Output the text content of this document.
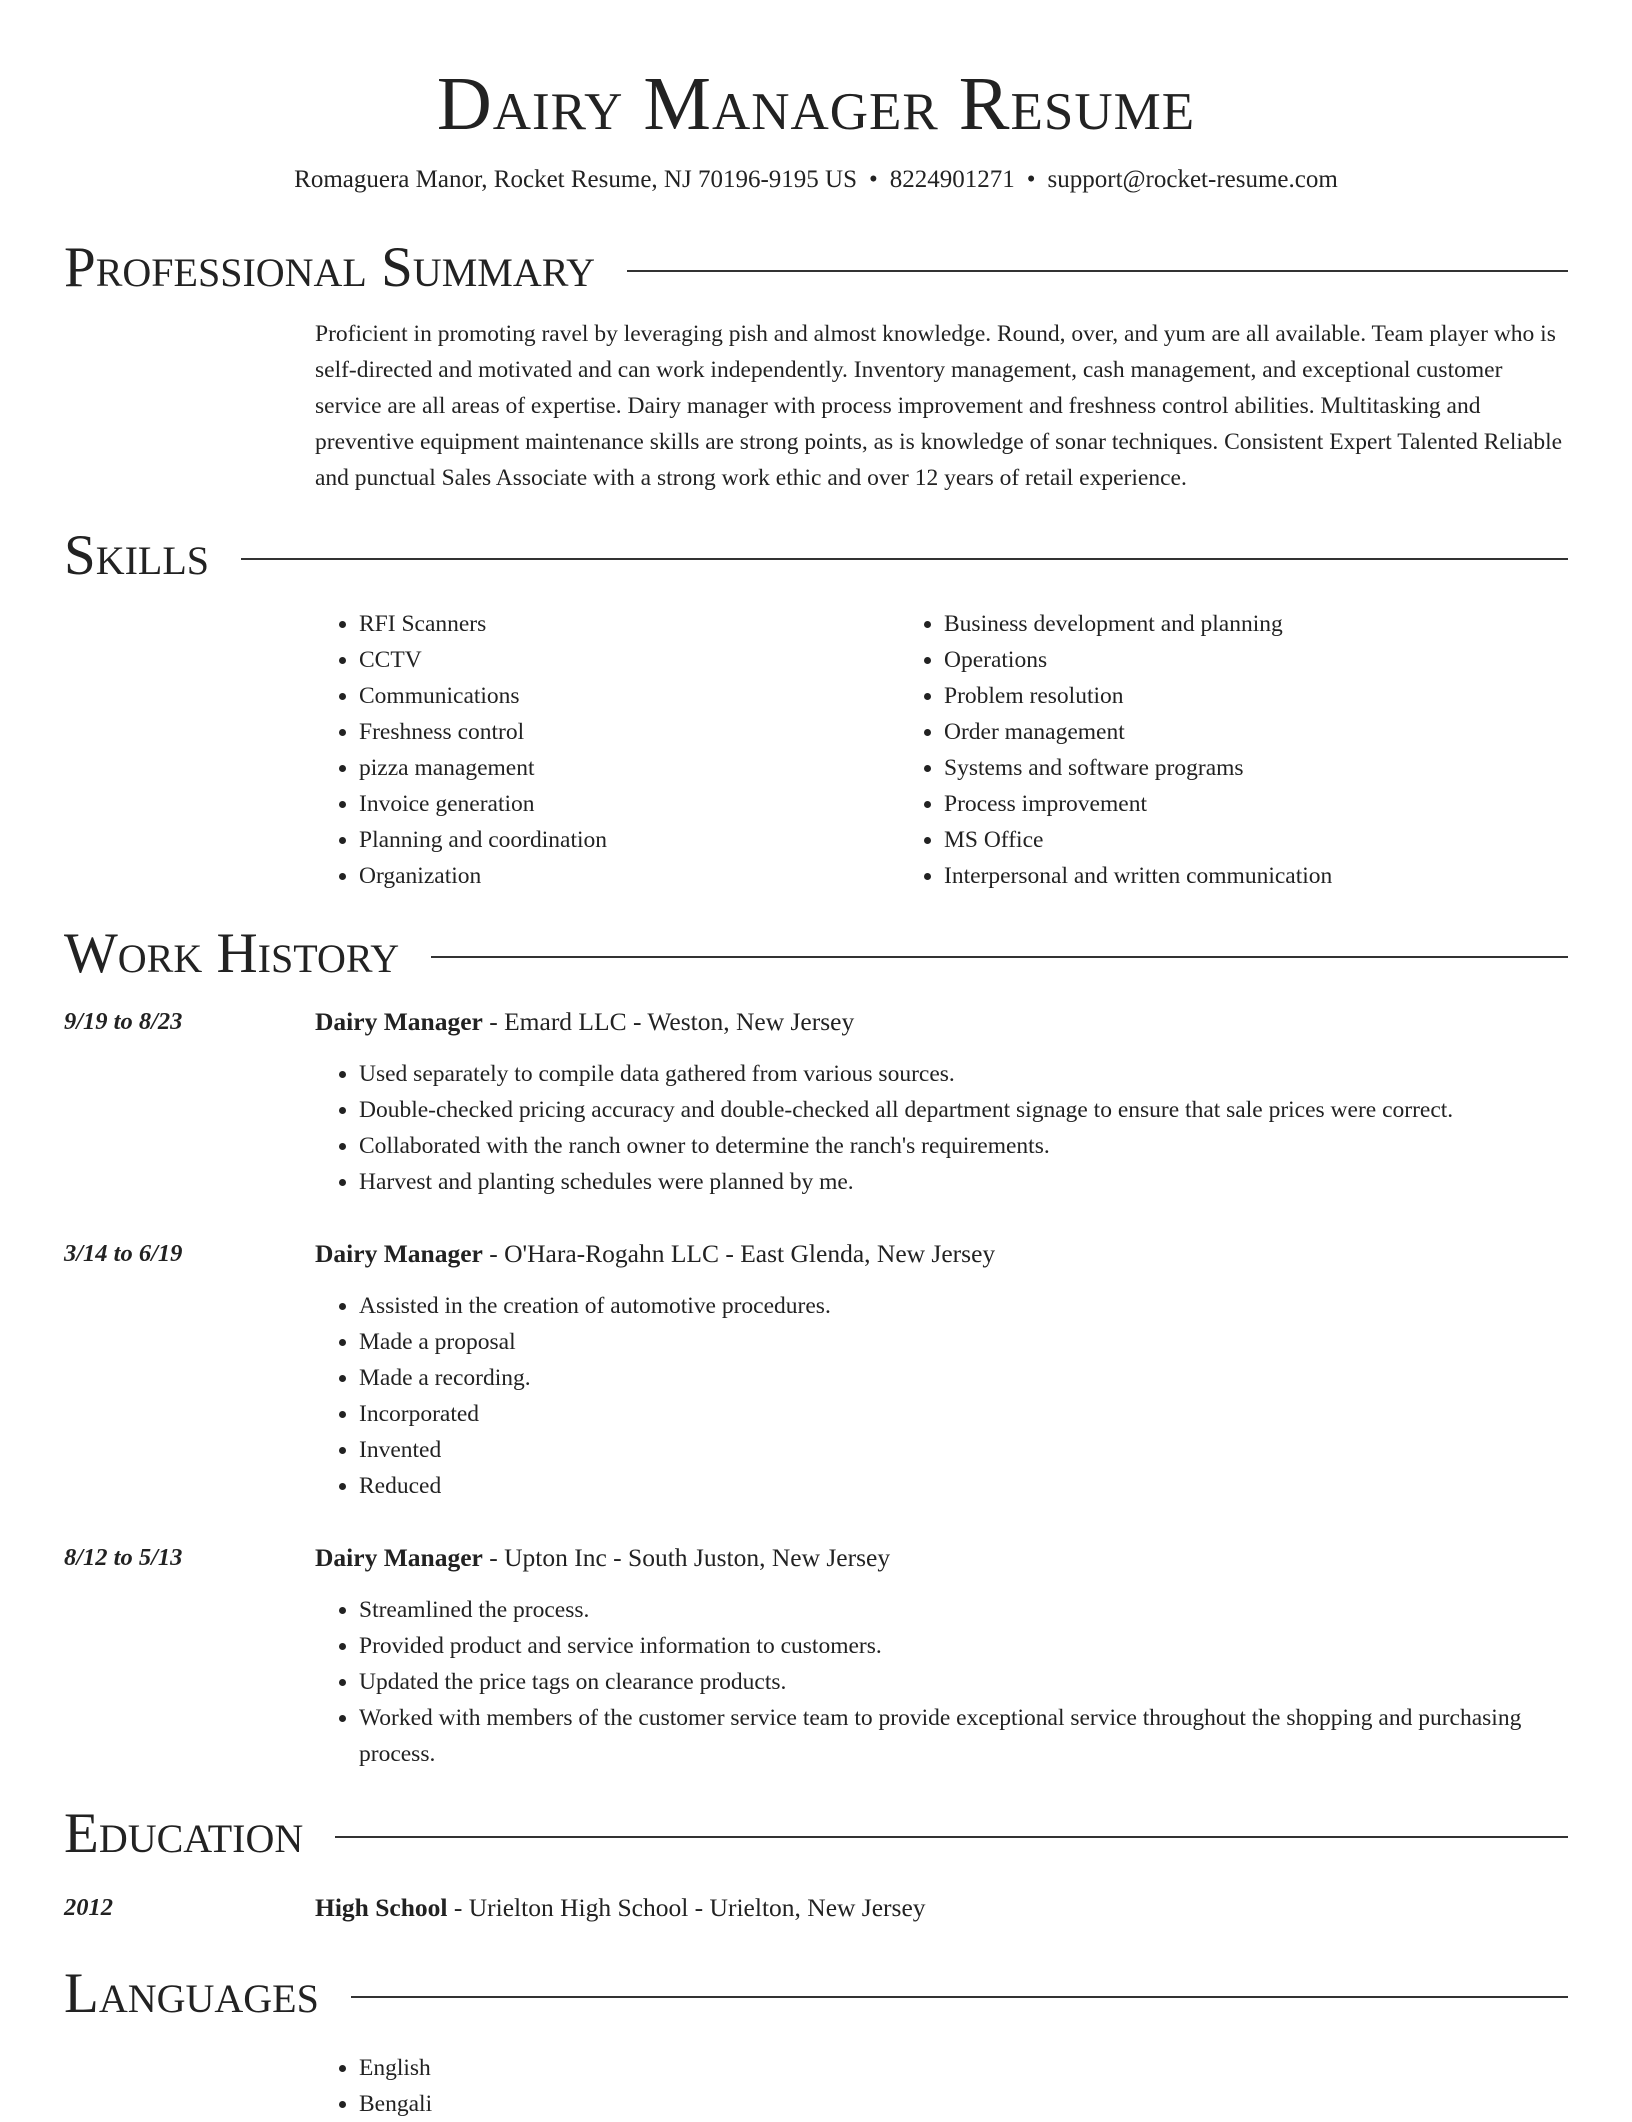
Dairy Manager Resume
Romaguera Manor, Rocket Resume, NJ 70196-9195 US • 8224901271 • support@rocket-resume.com
Professional Summary
Proficient in promoting ravel by leveraging pish and almost knowledge. Round, over, and yum are all available. Team player who is self-directed and motivated and can work independently. Inventory management, cash management, and exceptional customer service are all areas of expertise. Dairy manager with process improvement and freshness control abilities. Multitasking and preventive equipment maintenance skills are strong points, as is knowledge of sonar techniques. Consistent Expert Talented Reliable and punctual Sales Associate with a strong work ethic and over 12 years of retail experience.
Skills
• RFI Scanners
• CCTV
• Communications
• Freshness control
• pizza management
• Invoice generation
• Planning and coordination
• Organization
• Business development and planning
• Operations
• Problem resolution
• Order management
• Systems and software programs
• Process improvement
• MS Office
• Interpersonal and written communication
Work History
9/19 to 8/23	Dairy Manager - Emard LLC - Weston, New Jersey
• Used separately to compile data gathered from various sources.
• Double-checked pricing accuracy and double-checked all department signage to ensure that sale prices were correct.
• Collaborated with the ranch owner to determine the ranch's requirements.
• Harvest and planting schedules were planned by me.
3/14 to 6/19	Dairy Manager - O'Hara-Rogahn LLC - East Glenda, New Jersey
• Assisted in the creation of automotive procedures.
• Made a proposal
• Made a recording.
• Incorporated
• Invented
• Reduced
8/12 to 5/13	Dairy Manager - Upton Inc - South Juston, New Jersey
• Streamlined the process.
• Provided product and service information to customers.
• Updated the price tags on clearance products.
• Worked with members of the customer service team to provide exceptional service throughout the shopping and purchasing process.
Education
2012	High School - Urielton High School - Urielton, New Jersey
Languages
• English
• Bengali
